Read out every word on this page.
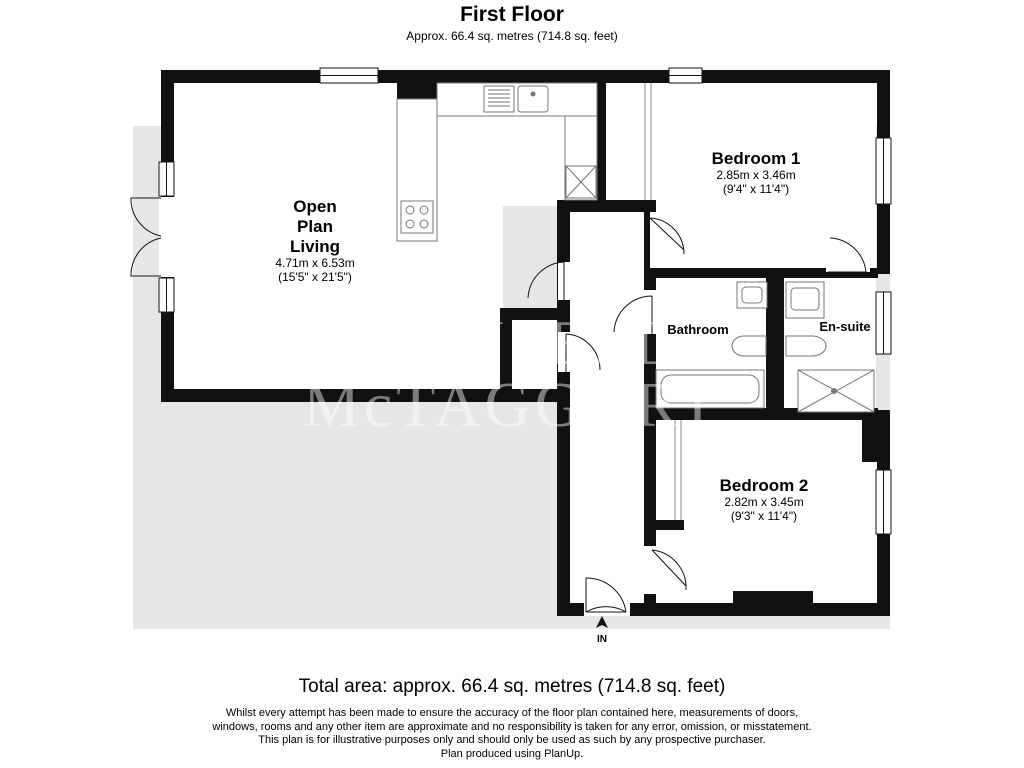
First Floor
Approx. 66.4 sq. metres (714.8 sq. feet)
IN
MANSELL
McTAGGART
Open
Plan
Living
4.71m x 6.53m
(15'5" x 21'5")
Bedroom 1
2.85m x 3.46m
(9'4" x 11'4")
Bathroom	En-suite
Bedroom 2
2.82m x 3.45m
(9'3" x 11'4")
Total area: approx. 66.4 sq. metres (714.8 sq. feet)
Whilst every attempt has been made to ensure the accuracy of the floor plan contained here, measurements of doors,
windows, rooms and any other item are approximate and no responsibility is taken for any error, omission, or misstatement.
This plan is for illustrative purposes only and should only be used as such by any prospective purchaser.
Plan produced using PlanUp.
